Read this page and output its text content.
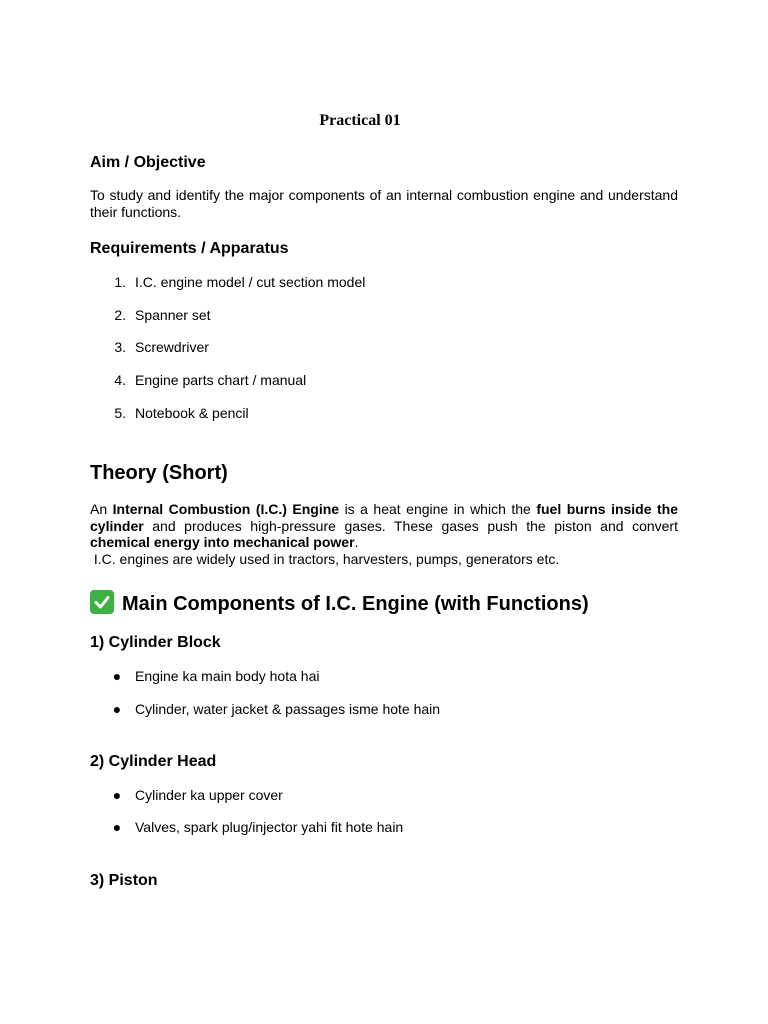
Practical 01
Aim / Objective
To study and identify the major components of an internal combustion engine and understand their functions.
Requirements / Apparatus
1. I.C. engine model / cut section model
2. Spanner set
3. Screwdriver
4. Engine parts chart / manual
5. Notebook & pencil
Theory (Short)
An Internal Combustion (I.C.) Engine is a heat engine in which the fuel burns inside the cylinder and produces high-pressure gases. These gases push the piston and convert chemical energy into mechanical power.
I.C. engines are widely used in tractors, harvesters, pumps, generators etc.
Main Components of I.C. Engine (with Functions)
1) Cylinder Block
● Engine ka main body hota hai
● Cylinder, water jacket & passages isme hote hain
2) Cylinder Head
● Cylinder ka upper cover
● Valves, spark plug/injector yahi fit hote hain
3) Piston
